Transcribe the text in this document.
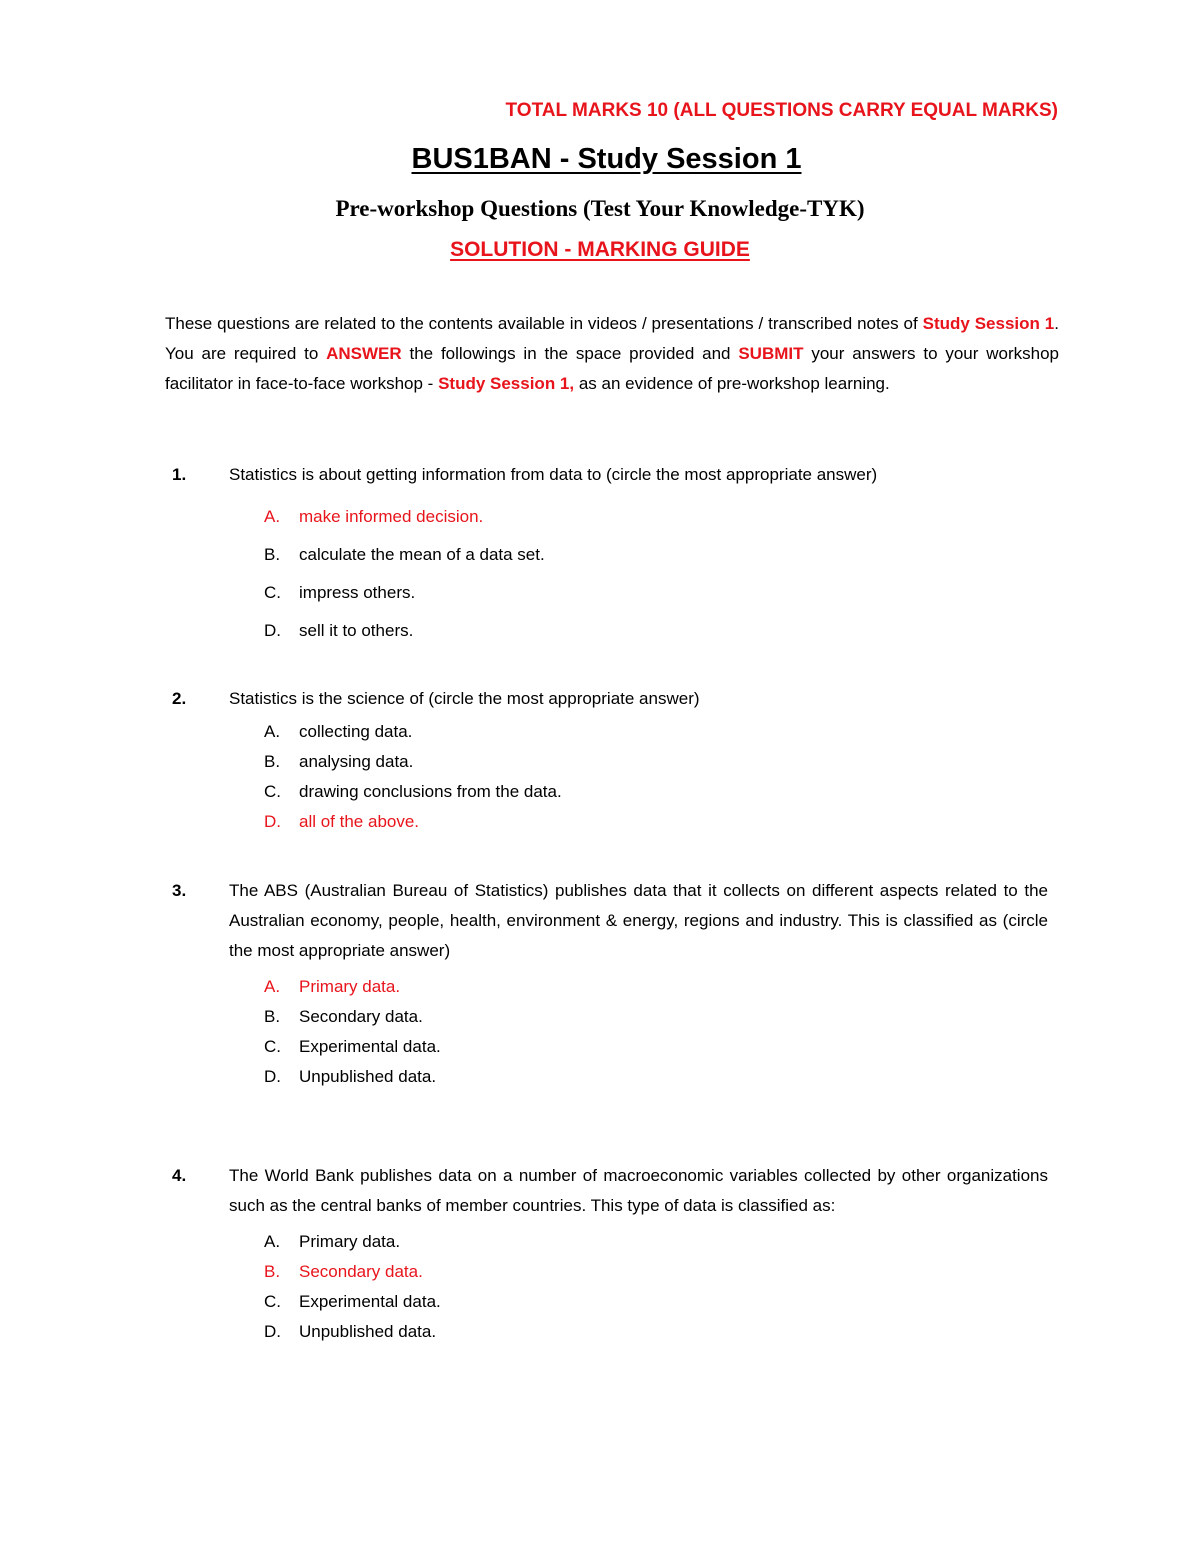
TOTAL MARKS 10 (ALL QUESTIONS CARRY EQUAL MARKS)
BUS1BAN - Study Session 1
Pre-workshop Questions (Test Your Knowledge-TYK)
SOLUTION - MARKING GUIDE
These questions are related to the contents available in videos / presentations / transcribed notes of Study Session 1. You are required to ANSWER the followings in the space provided and SUBMIT your answers to your workshop facilitator in face-to-face workshop - Study Session 1, as an evidence of pre-workshop learning.
1.	Statistics is about getting information from data to (circle the most appropriate answer)
A. make informed decision.
B. calculate the mean of a data set.
C. impress others.
D. sell it to others.
2.	Statistics is the science of (circle the most appropriate answer)
A. collecting data.
B. analysing data.
C. drawing conclusions from the data.
D. all of the above.
3.	The ABS (Australian Bureau of Statistics) publishes data that it collects on different aspects related to the Australian economy, people, health, environment & energy, regions and industry. This is classified as (circle the most appropriate answer)
A. Primary data.
B. Secondary data.
C. Experimental data.
D. Unpublished data.
4.	The World Bank publishes data on a number of macroeconomic variables collected by other organizations such as the central banks of member countries. This type of data is classified as:
A. Primary data.
B. Secondary data.
C. Experimental data.
D. Unpublished data.
